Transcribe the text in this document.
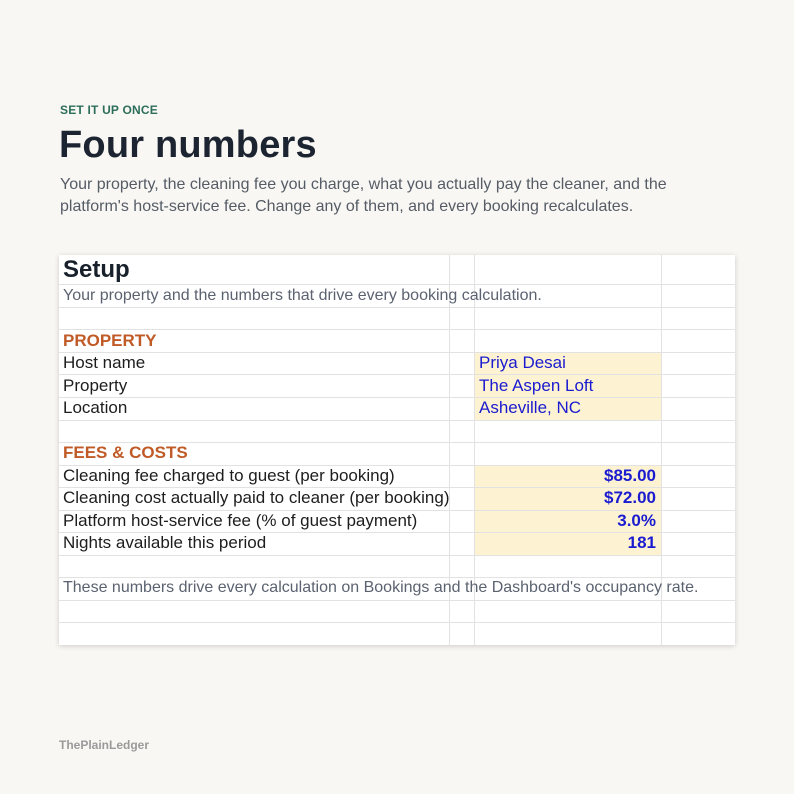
SET IT UP ONCE
Four numbers
Your property, the cleaning fee you charge, what you actually pay the cleaner, and the platform's host-service fee. Change any of them, and every booking recalculates.
Setup
Your property and the numbers that drive every booking calculation.
PROPERTY
Host name	Priya Desai
Property	The Aspen Loft
Location	Asheville, NC
FEES & COSTS
Cleaning fee charged to guest (per booking)	$85.00
Cleaning cost actually paid to cleaner (per booking)	$72.00
Platform host-service fee (% of guest payment)	3.0%
Nights available this period	181
These numbers drive every calculation on Bookings and the Dashboard's occupancy rate.
ThePlainLedger
